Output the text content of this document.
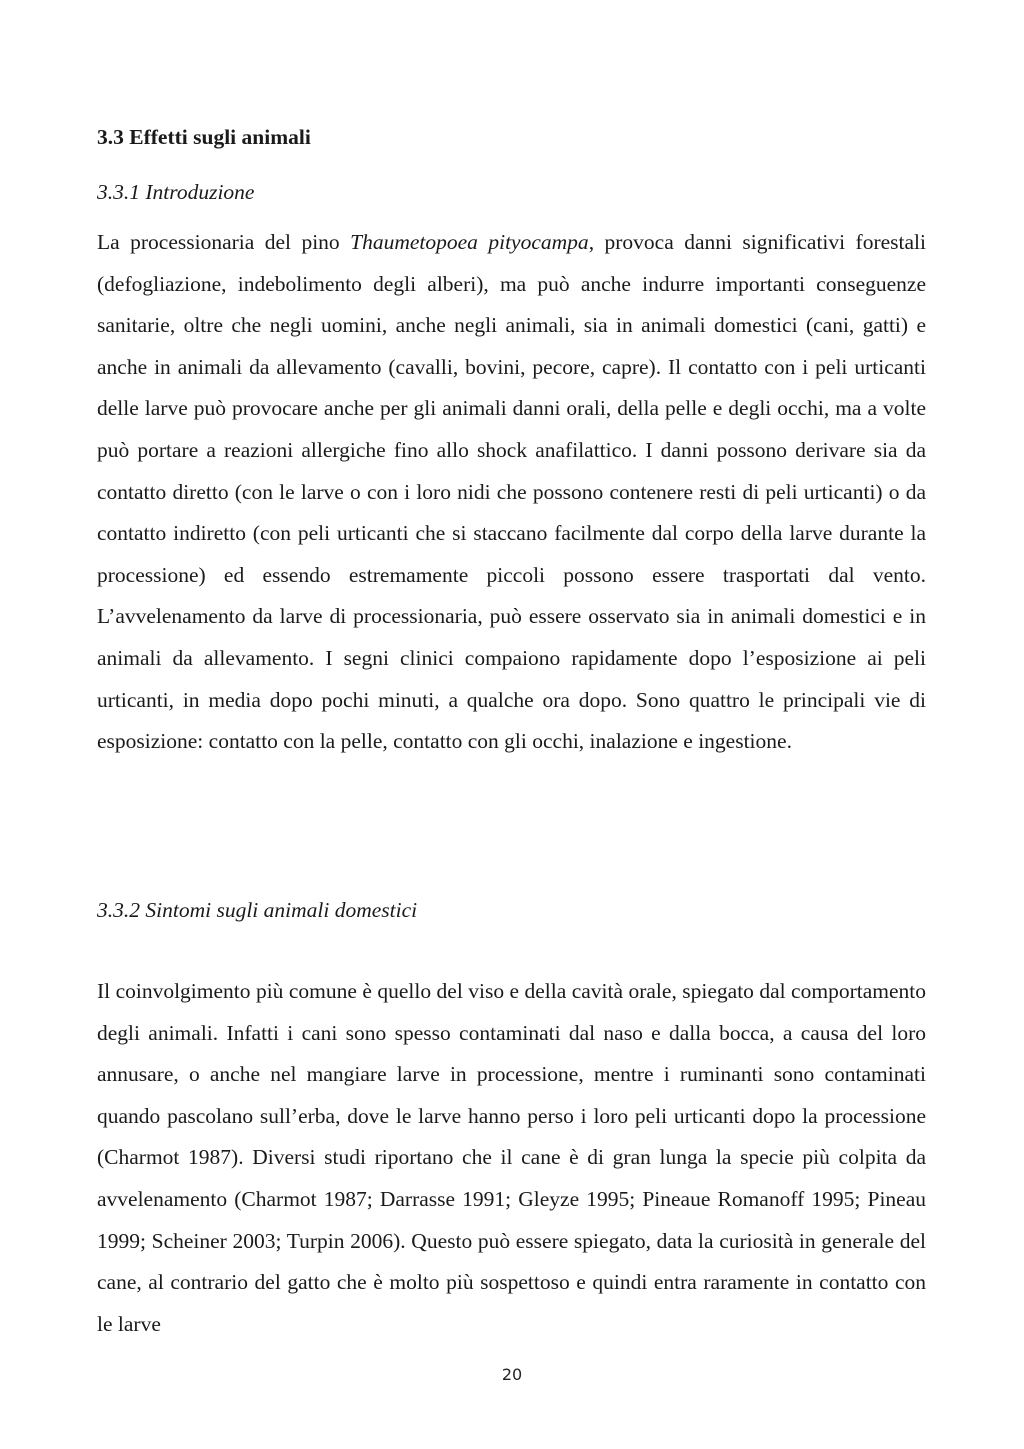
3.3 Effetti sugli animali
3.3.1 Introduzione

La processionaria del pino Thaumetopoea pityocampa, provoca danni significativi forestali (defogliazione, indebolimento degli alberi), ma può anche indurre importanti conseguenze sanitarie, oltre che negli uomini, anche negli animali, sia in animali domestici (cani, gatti) e anche in animali da allevamento (cavalli, bovini, pecore, capre). Il contatto con i peli urticanti delle larve può provocare anche per gli animali danni orali, della pelle e degli occhi, ma a volte può portare a reazioni allergiche fino allo shock anafilattico. I danni possono derivare sia da contatto diretto (con le larve o con i loro nidi che possono contenere resti di peli urticanti) o da contatto indiretto (con peli urticanti che si staccano facilmente dal corpo della larve durante la processione) ed essendo estremamente piccoli possono essere trasportati dal vento. L’avvelenamento da larve di processionaria, può essere osservato sia in animali domestici e in animali da allevamento. I segni clinici compaiono rapidamente dopo l’esposizione ai peli urticanti, in media dopo pochi minuti, a qualche ora dopo. Sono quattro le principali vie di esposizione: contatto con la pelle, contatto con gli occhi, inalazione e ingestione.

3.3.2 Sintomi sugli animali domestici

Il coinvolgimento più comune è quello del viso e della cavità orale, spiegato dal comportamento degli animali. Infatti i cani sono spesso contaminati dal naso e dalla bocca, a causa del loro annusare, o anche nel mangiare larve in processione, mentre i ruminanti sono contaminati quando pascolano sull’erba, dove le larve hanno perso i loro peli urticanti dopo la processione (Charmot 1987). Diversi studi riportano che il cane è di gran lunga la specie più colpita da avvelenamento (Charmot 1987; Darrasse 1991; Gleyze 1995; Pineaue Romanoff 1995; Pineau 1999; Scheiner 2003; Turpin 2006). Questo può essere spiegato, data la curiosità in generale del cane, al contrario del gatto che è molto più sospettoso e quindi entra raramente in contatto con le larve

20
